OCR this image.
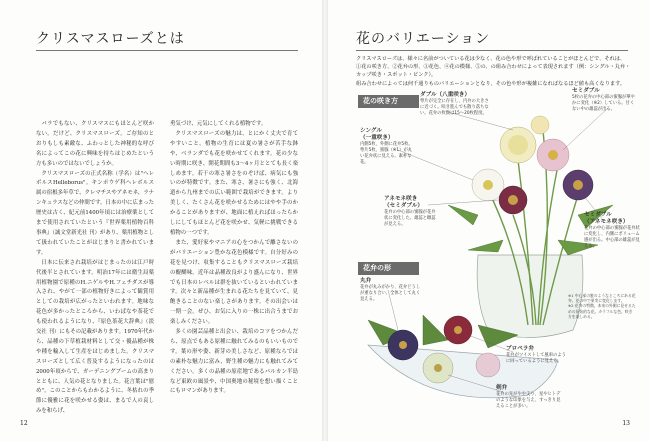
クリスマスローズとは

バラでもない、クリスマスにもほとんど咲かない。だけど、クリスマスローズ。ご存知のとおりもしも素敵な、ふわっとした神秘的な呼び名によってこの花に興味を持ちはじめたという方も多いのではないでしょうか。

クリスマスローズの正式名称（学名）は"ヘレボルスHelleborus"。キンポウゲ科ヘレボルス属の宿根多年草で、クレマチスやアネモネ、ラナンキュラスなどの仲間です。日本の中に広まった歴史は古く、紀元前1400年頃には治療薬としてまで使用されていたという『世界薬用植物百科事典』（誠文堂新光社 刊）があり、薬用植物として扱われていたことがはじまりと書かれています。

日本に伝来され栽培がはじまったのは江戸時代後半とされています。明治17年には衛生局薬用植物園で原種のH.ニゲルやH.フェチダスが導入され、やがて一部の植物好きによって観賞用としての栽培が広がったといわれます。地味な花色が多かったところから、いわばなや茶花でも使われるようになり、『原色茶花大辞典』（淡交社 刊）にもその記載があります。1970年代から、品種の下草植栽材料として交・優品種が株や種を輸入して生産をはじめました。クリスマスローズとして広く普及するようになったのは2000年頃からで、ガーデニングブームの高まりとともに、人気の花となりました。花言葉は"慰め"。このことからもわかるように、冬枯れの季節に優雅に花を咲かせる姿は、まるで人の哀しみを和らげ、

勇気づけ、元気にしてくれる植物です。

クリスマスローズの魅力は、とにかく丈夫で育てやすいこと。植物の生育には夏の暑さが苦手な鉢や、ベランダでも花を咲かせてくれます。花の少ない時期に咲き、開花期間も3〜4ヶ月ととても長く楽しめます。若干の寒さ暑さをのぞけば、病気にも強いのが特徴です。また、寒さ、暑さにも強く、北海道から九州までの広い範囲で栽培ができます。より美しく、たくさん花を咲かせるためにはやや手のかかることがありますが、地面に植えればほったらかしにしてもほとんど花を咲かせ、気軽に挑戦できる植物の一つです。

また、愛好家やマニアの心をつかんで離さないのがバリエーション豊かな花色模様です。自分好みの花を見つけ、収集することもクリスマスローズ栽培の醍醐味。近年は品種改良がより盛んになり、世界でも日本のレベルは群を抜いているといわれています。次々と新品種が生まれる花たちを見ていて、見飽きることのない楽しさがあります。その出会いは一期一会。ぜひ、お気に入りの一株に出合うまでお楽しみください。

多くの園芸品種と出会い、栽培のコツをつかんだら、原点でもある原種に触れてみるのもいいものです。葉の形や姿、新芽の美しさなど、原種ならではの素朴な魅力に富み、野生種の魅力にも触れてみてください。多くの品種の原産地であるバルカン半島など東欧の風景や、中国奥地の秘境を想い描くことにもロマンがあります。

12
花のバリエーション

クリスマスローズは、様々に名前がついている花は少なく、花の色や形で呼ばれていることがほとんどで、それは、

①花の咲き方、②花弁の形、③花色、④花の模様、⑤の、の組み合わせによって表現されます（例：シングル・丸弁・カップ咲き・スポット・ピンク）。

組み合わせによっては何千通りものバリエーションとなり、その色や形が複雑になればなるほど値も高くなります。

花の咲き方
花弁の形
シングル
（一重咲き）
内側5枚、外側に花弁5枚。萼片5枚、蜜腺（※1）が丸い花弁状に見える。素朴な花。
ダブル（八重咲き）
萼片が完全に存在し、内弁の大きさに近づく。咲き進んでも散り落ちない。花弁の枚数は15〜20枚程度。
セミダブル
5枚の花弁の中心部の蜜腺が華やかに変化（※2）している。甘くない中の雄蕊が出る。
アネモネ咲き
（セミダブル）
花弁の中心部の蜜腺が花弁状に変化した。雄蕊と雌蕊が見える。
セミダブル
（アネモネ咲き）
花弁の中心部の蜜腺が花弁状に変化し、内側にボリューム感が出る。中心部の雄蕊が見える。
丸弁
花弁が丸みがかり、花弁どうしが重なり合い、全体として丸く見える。
プロペラ弁
花弁がツイストして風車のように回っているように見える。
剣弁
花弁の先がやや尖り、星やヒトデのような印象を与え、すっきり見えることが多い。
※1 中心部の蜜のようなところにある花弁。花の中で果実に変化します。
※2 花弁の特徴。本来の外側に見せるための原始的な花。カラフルな色。咲き方を楽しめる。
13
